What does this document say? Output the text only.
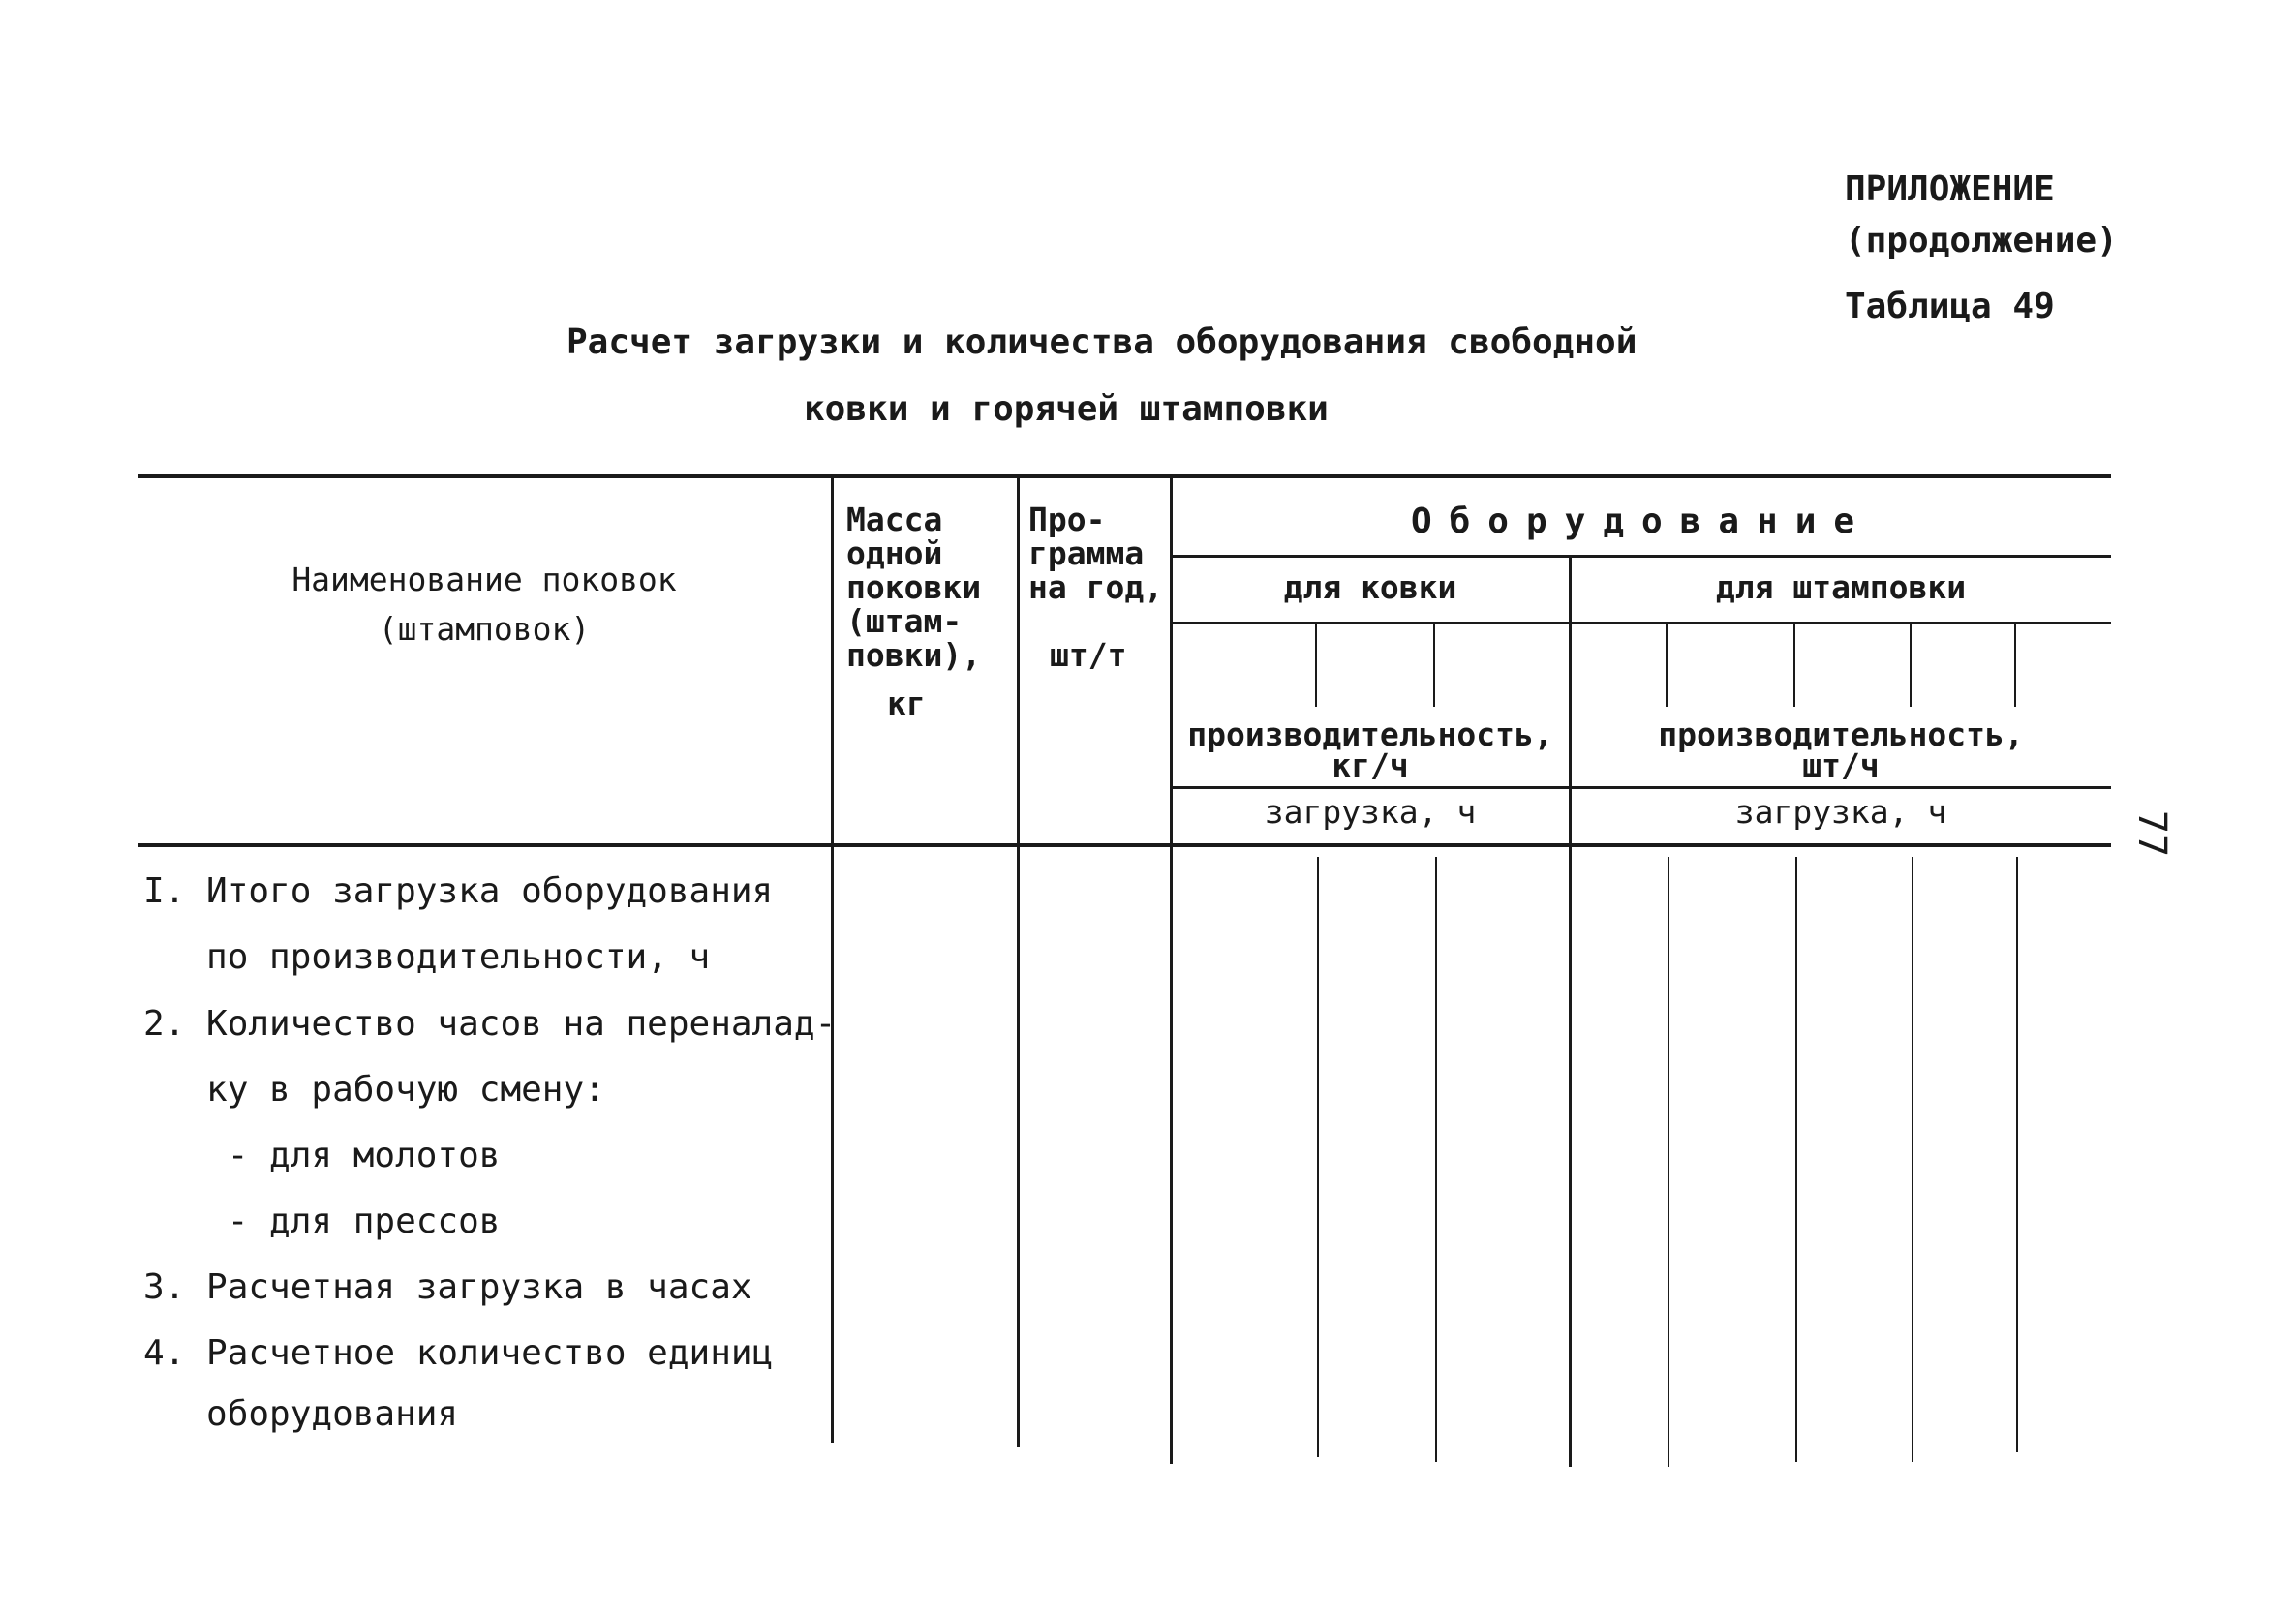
ПРИЛОЖЕНИЕ
(продолжение)
Таблица 49
Расчет загрузки и количества оборудования свободной
ковки и горячей штамповки
Наименование поковок
(штамповок)
Масса
одной
поковки
(штам-
повки),
кг
Про-
грамма
на год,
шт/т
Оборудование
для ковки
производительность,
кг/ч
загрузка, ч
для штамповки
производительность,
шт/ч
загрузка, ч
I. Итого загрузка оборудования
по производительности, ч
2. Количество часов на переналад-
ку в рабочую смену:
- для молотов
- для прессов
3. Расчетная загрузка в часах
4. Расчетное количество единиц
оборудования
77
